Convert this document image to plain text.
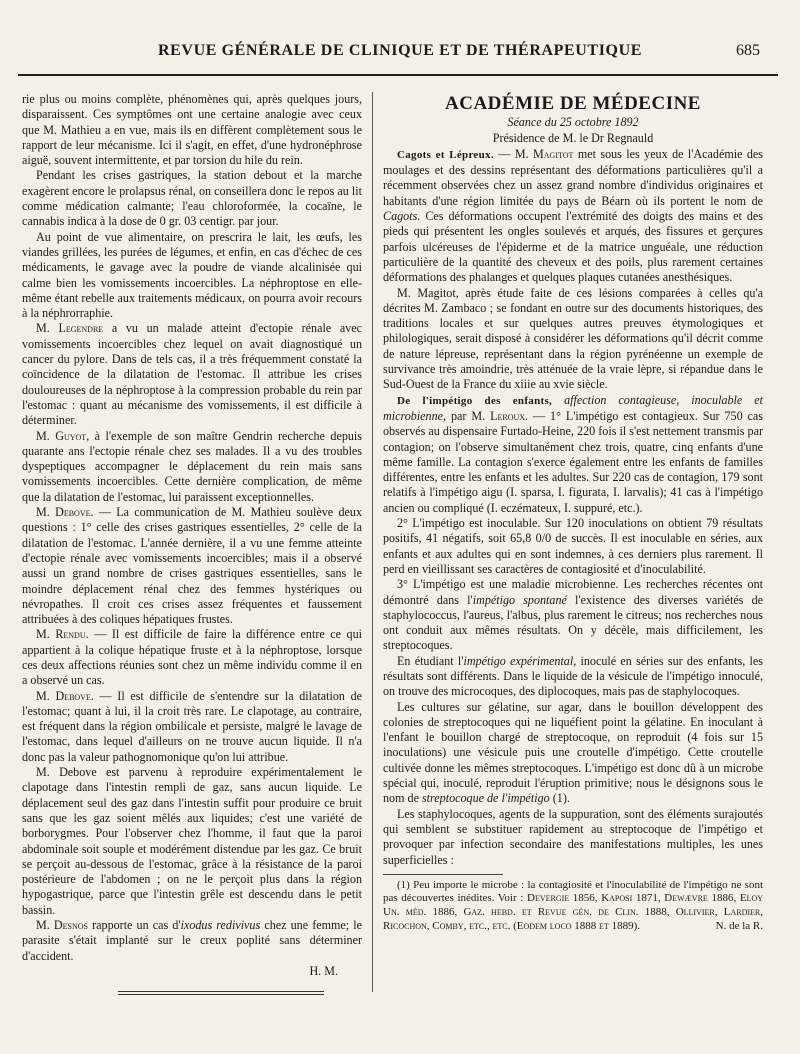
REVUE GÉNÉRALE DE CLINIQUE ET DE THÉRAPEUTIQUE	685

rie plus ou moins complète, phénomènes qui, après quelques jours, disparaissent. Ces symptômes ont une certaine analogie avec ceux que M. Mathieu a en vue, mais ils en diffèrent complètement sous le rapport de leur mécanisme. Ici il s'agit, en effet, d'une hydronéphrose aiguë, souvent intermittente, et par torsion du hile du rein.

Pendant les crises gastriques, la station debout et la marche exagèrent encore le prolapsus rénal, on conseillera donc le repos au lit comme médication calmante; l'eau chloroformée, la cocaïne, le cannabis indica à la dose de 0 gr. 03 centigr. par jour.

Au point de vue alimentaire, on prescrira le lait, les œufs, les viandes grillées, les purées de légumes, et enfin, en cas d'échec de ces médicaments, le gavage avec la poudre de viande alcalinisée qui calme bien les vomissements incoercibles. La néphroptose en elle-même étant rebelle aux traitements médicaux, on pourra avoir recours à la néphrorraphie.

M. Legendre a vu un malade atteint d'ectopie rénale avec vomissements incoercibles chez lequel on avait diagnostiqué un cancer du pylore. Dans de tels cas, il a très fréquemment constaté la coïncidence de la dilatation de l'estomac. Il attribue les crises douloureuses de la néphroptose à la compression probable du rein par l'estomac : quant au mécanisme des vomissements, il est difficile à déterminer.

M. Guyot, à l'exemple de son maître Gendrin recherche depuis quarante ans l'ectopie rénale chez ses malades. Il a vu des troubles dyspeptiques accompagner le déplacement du rein mais sans vomissements incoercibles. Cette dernière complication, de même que la dilatation de l'estomac, lui paraissent exceptionnelles.

M. Debove. — La communication de M. Mathieu soulève deux questions : 1° celle des crises gastriques essentielles, 2° celle de la dilatation de l'estomac. L'année dernière, il a vu une femme atteinte d'ectopie rénale avec vomissements incoercibles; mais il a observé aussi un grand nombre de crises gastriques essentielles, sans le moindre déplacement rénal chez des femmes hystériques ou névropathes. Il croit ces crises assez fréquentes et faussement attribuées à des coliques hépatiques frustes.

M. Rendu. — Il est difficile de faire la différence entre ce qui appartient à la colique hépatique fruste et à la néphroptose, lorsque ces deux affections réunies sont chez un même individu comme il en a observé un cas.

M. Debove. — Il est difficile de s'entendre sur la dilatation de l'estomac; quant à lui, il la croit très rare. Le clapotage, au contraire, est fréquent dans la région ombilicale et persiste, malgré le lavage de l'estomac, dans lequel d'ailleurs on ne trouve aucun liquide. Il n'a donc pas la valeur pathognomonique qu'on lui attribue.

M. Debove est parvenu à reproduire expérimentalement le clapotage dans l'intestin rempli de gaz, sans aucun liquide. Le déplacement seul des gaz dans l'intestin suffit pour produire ce bruit sans que les gaz soient mêlés aux liquides; c'est une variété de borborygmes. Pour l'observer chez l'homme, il faut que la paroi abdominale soit souple et modérément distendue par les gaz. Ce bruit se perçoit au-dessous de l'estomac, grâce à la résistance de la paroi postérieure de l'abdomen ; on ne le perçoit plus dans la région hypogastrique, parce que l'intestin grêle est descendu dans le petit bassin.

M. Desnos rapporte un cas d'ixodus redivivus chez une femme; le parasite s'était implanté sur le creux poplité sans déterminer d'accident.

H. M.

ACADÉMIE DE MÉDECINE
Séance du 25 octobre 1892
Présidence de M. le Dr Regnauld

Cagots et Lépreux. — M. Magitot met sous les yeux de l'Académie des moulages et des dessins représentant des déformations particulières qu'il a récemment observées chez un assez grand nombre d'individus originaires et habitants d'une région limitée du pays de Béarn où ils portent le nom de Cagots. Ces déformations occupent l'extrémité des doigts des mains et des pieds qui présentent les ongles soulevés et arqués, des fissures et gerçures parfois ulcéreuses de l'épiderme et de la matrice unguéale, une réduction particulière de la quantité des cheveux et des poils, plus rarement certaines déformations des phalanges et quelques plaques cutanées anesthésiques.

M. Magitot, après étude faite de ces lésions comparées à celles qu'a décrites M. Zambaco ; se fondant en outre sur des documents historiques, des traditions locales et sur quelques autres preuves étymologiques et philologiques, serait disposé à considérer les déformations qu'il décrit comme de nature lépreuse, représentant dans la région pyrénéenne un exemple de survivance très amoindrie, très atténuée de la vraie lèpre, si répandue dans le Sud-Ouest de la France du xiiie au xvie siècle.

De l'impétigo des enfants, affection contagieuse, inoculable et microbienne, par M. Leroux. — 1° L'impétigo est contagieux. Sur 750 cas observés au dispensaire Furtado-Heine, 220 fois il s'est nettement transmis par contagion; on l'observe simultanément chez trois, quatre, cinq enfants d'une même famille. La contagion s'exerce également entre les enfants de familles différentes, entre les enfants et les adultes. Sur 220 cas de contagion, 179 sont relatifs à l'impétigo aigu (I. sparsa, I. figurata, I. larvalis); 41 cas à l'impétigo ancien ou compliqué (I. eczémateux, I. suppuré, etc.).

2° L'impétigo est inoculable. Sur 120 inoculations on obtient 79 résultats positifs, 41 négatifs, soit 65,8 0/0 de succès. Il est inoculable en séries, aux enfants et aux adultes qui en sont indemnes, à ces derniers plus rarement. Il perd en vieillissant ses caractères de contagiosité et d'inoculabilité.

3° L'impétigo est une maladie microbienne. Les recherches récentes ont démontré dans l'impétigo spontané l'existence des diverses variétés de staphylococcus, l'aureus, l'albus, plus rarement le citreus; nos recherches nous ont conduit aux mêmes résultats. On y décèle, mais difficilement, les streptocoques.

En étudiant l'impétigo expérimental, inoculé en séries sur des enfants, les résultats sont différents. Dans le liquide de la vésicule de l'impétigo innoculé, on trouve des microcoques, des diplocoques, mais pas de staphylocoques.

Les cultures sur gélatine, sur agar, dans le bouillon développent des colonies de streptocoques qui ne liquéfient point la gélatine. En inoculant à l'enfant le bouillon chargé de streptocoque, on reproduit (4 fois sur 15 inoculations) une vésicule puis une croutelle d'impétigo. Cette croutelle cultivée donne les mêmes streptocoques. L'impétigo est donc dû à un microbe spécial qui, inoculé, reproduit l'éruption primitive; nous le désignons sous le nom de streptocoque de l'impétigo (1).

Les staphylocoques, agents de la suppuration, sont des éléments surajoutés qui semblent se substituer rapidement au streptocoque de l'impétigo et provoquer par infection secondaire des manifestations multiples, les unes superficielles :

(1) Peu importe le microbe : la contagiosité et l'inoculabilité de l'impétigo ne sont pas découvertes inédites. Voir : Devergie 1856, Kaposi 1871, Dewævre 1886, Eloy Un. méd. 1886, Gaz. hebd. et Revue gén. de Clin. 1888, Ollivier, Lardier, Ricochon, Comby, etc., etc. (Eodem loco 1888 et 1889).	N. de la R.
